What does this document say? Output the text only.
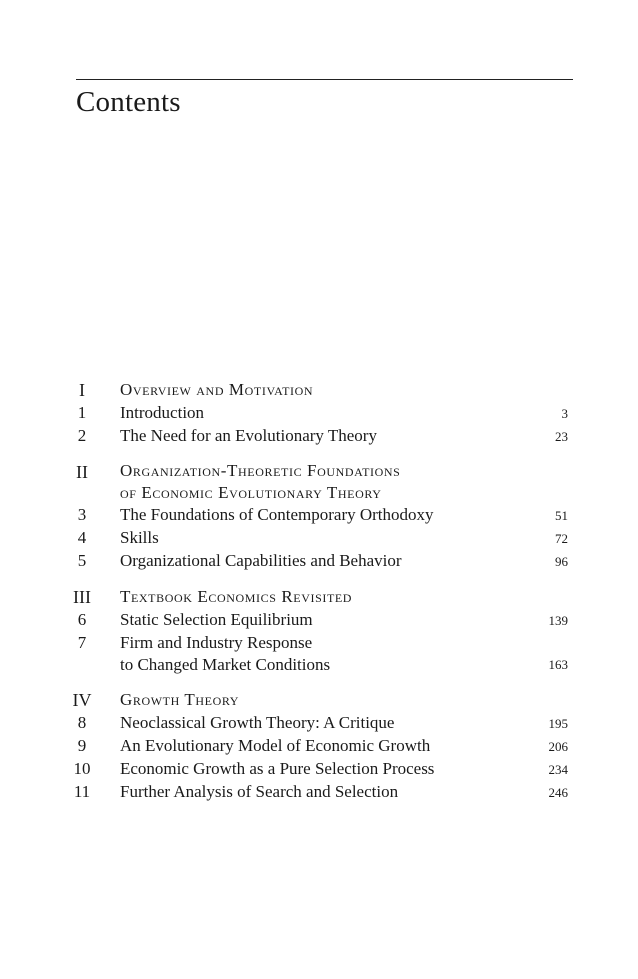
Contents
I	Overview and Motivation
1	Introduction	3
2	The Need for an Evolutionary Theory	23
II	Organization-Theoretic Foundations
of Economic Evolutionary Theory
3	The Foundations of Contemporary Orthodoxy	51
4	Skills	72
5	Organizational Capabilities and Behavior	96
III	Textbook Economics Revisited
6	Static Selection Equilibrium	139
7	Firm and Industry Response
to Changed Market Conditions	163
IV	Growth Theory
8	Neoclassical Growth Theory: A Critique	195
9	An Evolutionary Model of Economic Growth	206
10	Economic Growth as a Pure Selection Process	234
11	Further Analysis of Search and Selection	246
